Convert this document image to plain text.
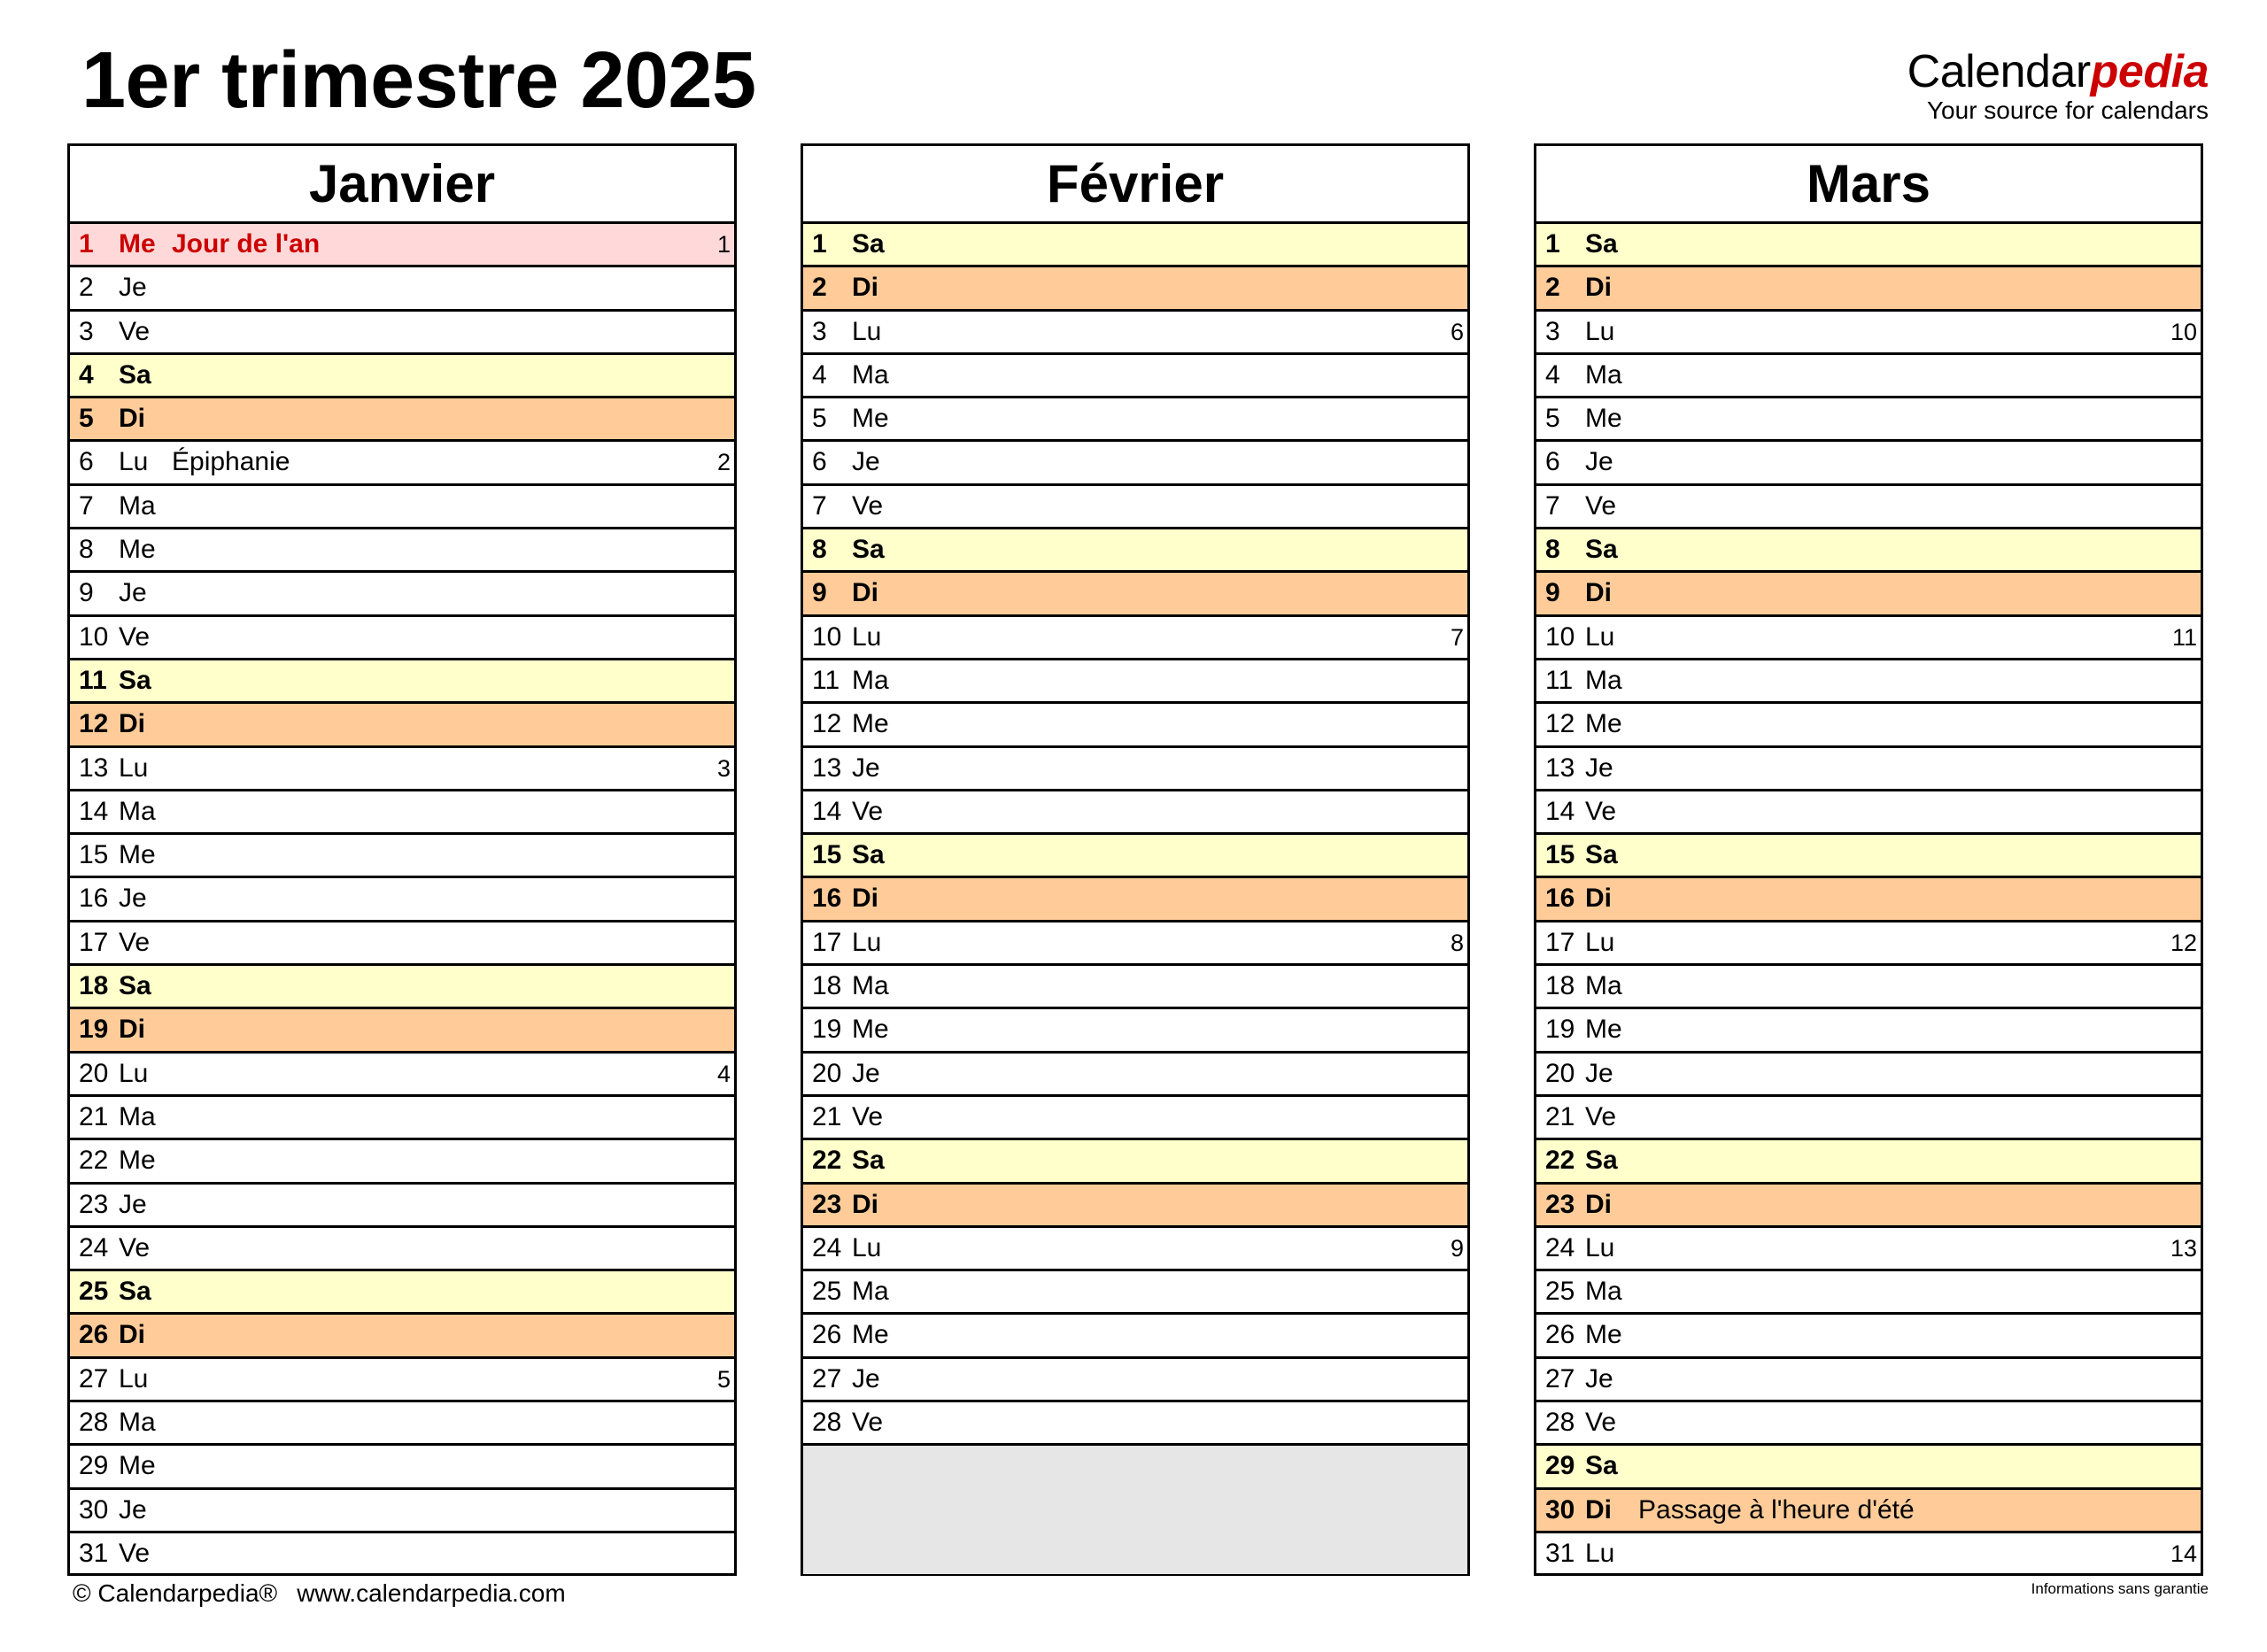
1er trimestre 2025	Calendarpedia
Your source for calendars
Janvier
1 Me Jour de l'an	1
2 Je
3 Ve
4 Sa
5 Di
6 Lu Épiphanie	2
7 Ma
8 Me
9 Je
10 Ve
11 Sa
12 Di
13 Lu	3
14 Ma
15 Me
16 Je
17 Ve
18 Sa
19 Di
20 Lu	4
21 Ma
22 Me
23 Je
24 Ve
25 Sa
26 Di
27 Lu	5
28 Ma
29 Me
30 Je
31 Ve
Février
1 Sa
2 Di
3 Lu	6
4 Ma
5 Me
6 Je
7 Ve
8 Sa
9 Di
10 Lu	7
11 Ma
12 Me
13 Je
14 Ve
15 Sa
16 Di
17 Lu	8
18 Ma
19 Me
20 Je
21 Ve
22 Sa
23 Di
24 Lu	9
25 Ma
26 Me
27 Je
28 Ve
Mars
1 Sa
2 Di
3 Lu	10
4 Ma
5 Me
6 Je
7 Ve
8 Sa
9 Di
10 Lu	11
11 Ma
12 Me
13 Je
14 Ve
15 Sa
16 Di
17 Lu	12
18 Ma
19 Me
20 Je
21 Ve
22 Sa
23 Di
24 Lu	13
25 Ma
26 Me
27 Je
28 Ve
29 Sa
30 Di Passage à l'heure d'été
31 Lu	14
© Calendarpedia® www.calendarpedia.com	Informations sans garantie
